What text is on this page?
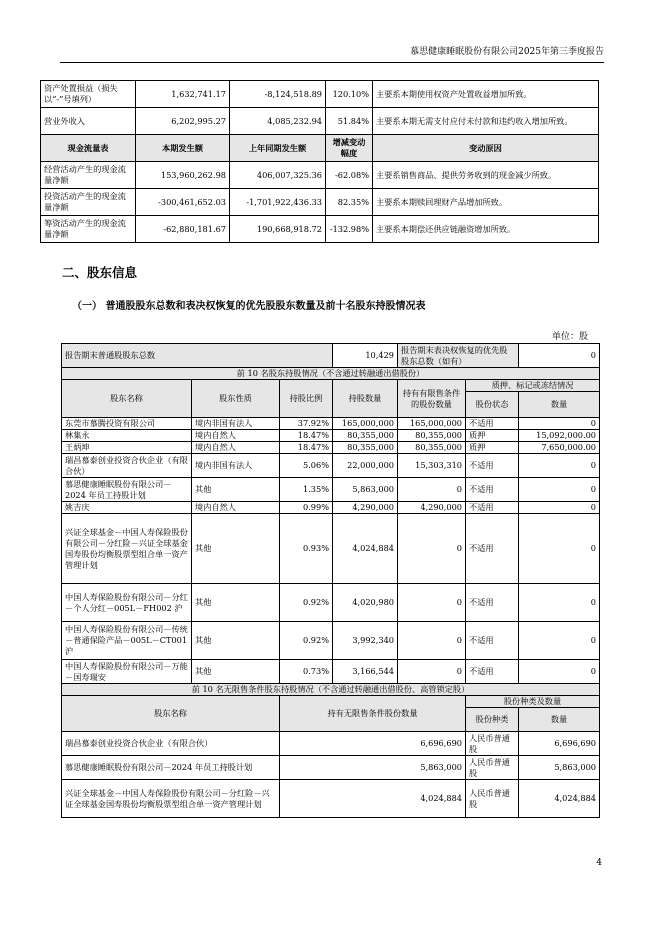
慕思健康睡眠股份有限公司2025年第三季度报告
资产处置损益（损失以“-”号填列）	1,632,741.17	-8,124,518.89	120.10%	主要系本期使用权资产处置收益增加所致。
营业外收入	6,202,995.27	4,085,232.94	51.84%	主要系本期无需支付应付未付款和违约收入增加所致。
现金流量表	本期发生额	上年同期发生额	增减变动幅度	变动原因
经营活动产生的现金流量净额	153,960,262.98	406,007,325.36	-62.08%	主要系销售商品、提供劳务收到的现金减少所致。
投资活动产生的现金流量净额	-300,461,652.03	-1,701,922,436.33	82.35%	主要系本期赎回理财产品增加所致。
筹资活动产生的现金流量净额	-62,880,181.67	190,668,918.72	-132.98%	主要系本期偿还供应链融资增加所致。
二、股东信息
（一） 普通股股东总数和表决权恢复的优先股股东数量及前十名股东持股情况表
单位：股
报告期末普通股股东总数			10,429	报告期末表决权恢复的优先股股东总数（如有）		0
前 10 名股东持股情况（不含通过转融通出借股份）						
股东名称	股东性质	持股比例	持股数量	持有有限售条件的股份数量	质押、标记或冻结情况	
					股份状态	数量
东莞市慕腾投资有限公司	境内非国有法人	37.92%	165,000,000	165,000,000	不适用	0
林集永	境内自然人	18.47%	80,355,000	80,355,000	质押	15,092,000.00
王炳坤	境内自然人	18.47%	80,355,000	80,355,000	质押	7,650,000.00
瑞昌慕泰创业投资合伙企业（有限合伙）	境内非国有法人	5.06%	22,000,000	15,303,310	不适用	0
慕思健康睡眠股份有限公司－2024 年员工持股计划	其他	1.35%	5,863,000	0	不适用	0
姚吉庆	境内自然人	0.99%	4,290,000	4,290,000	不适用	0
兴证全球基金－中国人寿保险股份有限公司－分红险－兴证全球基金国寿股份均衡股票型组合单一资产管理计划	其他	0.93%	4,024,884	0	不适用	0
中国人寿保险股份有限公司－分红－个人分红－005L－FH002 沪	其他	0.92%	4,020,980	0	不适用	0
中国人寿保险股份有限公司－传统－普通保险产品－005L－CT001 沪	其他	0.92%	3,992,340	0	不适用	0
中国人寿保险股份有限公司－万能－国寿瑞安	其他	0.73%	3,166,544	0	不适用	0
前 10 名无限售条件股东持股情况（不含通过转融通出借股份、高管锁定股）						
股东名称		持有无限售条件股份数量			股份种类及数量	
					股份种类	数量
瑞昌慕泰创业投资合伙企业（有限合伙）		6,696,690			人民币普通股	6,696,690
慕思健康睡眠股份有限公司－2024 年员工持股计划		5,863,000			人民币普通股	5,863,000
兴证全球基金－中国人寿保险股份有限公司－分红险－兴证全球基金国寿股份均衡股票型组合单一资产管理计划		4,024,884			人民币普通股	4,024,884
4
